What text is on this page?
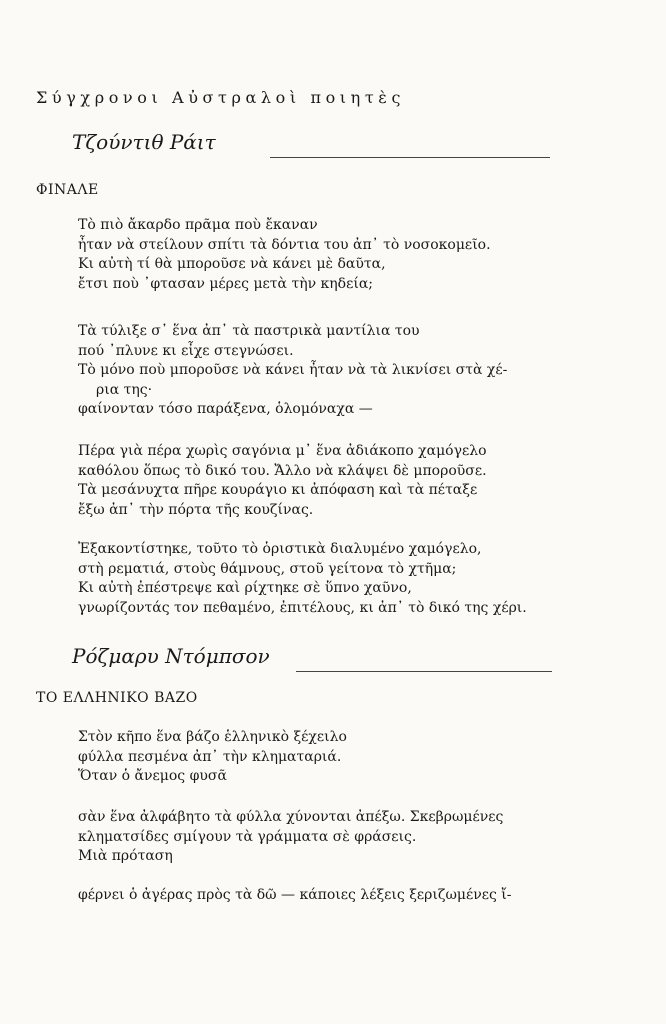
Σύγχρονοι Αὐστραλοὶ ποιητὲς
Τζούντιθ Ράιτ
ΦΙΝΑΛΕ
Τὸ πιὸ ἄκαρδο πρᾶμα ποὺ ἔκαναν
ἦταν νὰ στείλουν σπίτι τὰ δόντια του ἀπ᾽ τὸ νοσοκομεῖο.
Κι αὐτὴ τί θὰ μποροῦσε νὰ κάνει μὲ δαῦτα,
ἔτσι ποὺ ᾽φτασαν μέρες μετὰ τὴν κηδεία;
Τὰ τύλιξε σ᾽ ἕνα ἀπ᾽ τὰ παστρικὰ μαντίλια του
πού ᾽πλυνε κι εἶχε στεγνώσει.
Τὸ μόνο ποὺ μποροῦσε νὰ κάνει ἦταν νὰ τὰ λικνίσει στὰ χέ-
ρια της·
φαίνονταν τόσο παράξενα, ὁλομόναχα —
Πέρα γιὰ πέρα χωρὶς σαγόνια μ᾽ ἕνα ἀδιάκοπο χαμόγελο
καθόλου ὅπως τὸ δικό του. Ἄλλο νὰ κλάψει δὲ μποροῦσε.
Τὰ μεσάνυχτα πῆρε κουράγιο κι ἀπόφαση καὶ τὰ πέταξε
ἔξω ἀπ᾽ τὴν πόρτα τῆς κουζίνας.
Ἐξακοντίστηκε, τοῦτο τὸ ὁριστικὰ διαλυμένο χαμόγελο,
στὴ ρεματιά, στοὺς θάμνους, στοῦ γείτονα τὸ χτῆμα;
Κι αὐτὴ ἐπέστρεψε καὶ ρίχτηκε σὲ ὕπνο χαῦνο,
γνωρίζοντάς τον πεθαμένο, ἐπιτέλους, κι ἀπ᾽ τὸ δικό της χέρι.
Ρόζμαρυ Ντόμπσον
ΤΟ ΕΛΛΗΝΙΚΟ ΒΑΖΟ
Στὸν κῆπο ἕνα βάζο ἑλληνικὸ ξέχειλο
φύλλα πεσμένα ἀπ᾽ τὴν κληματαριά.
Ὅταν ὁ ἄνεμος φυσᾶ
σὰν ἕνα ἀλφάβητο τὰ φύλλα χύνονται ἀπέξω. Σκεβρωμένες
κληματσίδες σμίγουν τὰ γράμματα σὲ φράσεις.
Μιὰ πρόταση
φέρνει ὁ ἀγέρας πρὸς τὰ δῶ — κάποιες λέξεις ξεριζωμένες ἴ-
